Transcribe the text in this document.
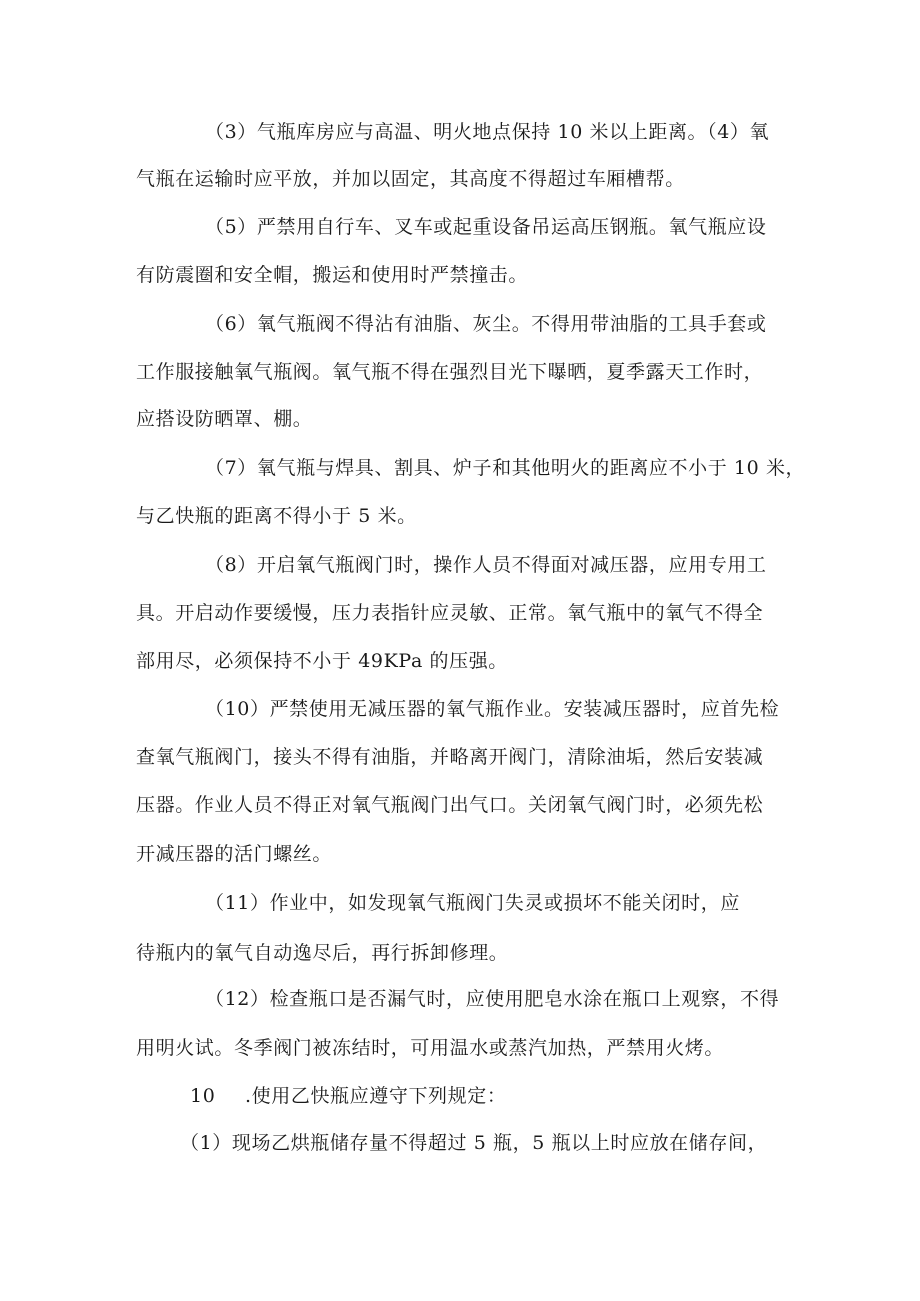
（3）气瓶库房应与高温、明火地点保持 10 米以上距离。（4）氧
气瓶在运输时应平放，并加以固定，其高度不得超过车厢槽帮。
（5）严禁用自行车、叉车或起重设备吊运高压钢瓶。氧气瓶应设
有防震圈和安全帽，搬运和使用时严禁撞击。
（6）氧气瓶阀不得沾有油脂、灰尘。不得用带油脂的工具手套或
工作服接触氧气瓶阀。氧气瓶不得在强烈目光下曝晒，夏季露天工作时，
应搭设防晒罩、棚。
（7）氧气瓶与焊具、割具、炉子和其他明火的距离应不小于 10 米，
与乙快瓶的距离不得小于 5 米。
（8）开启氧气瓶阀门时，操作人员不得面对减压器，应用专用工
具。开启动作要缓慢，压力表指针应灵敏、正常。氧气瓶中的氧气不得全
部用尽，必须保持不小于 49KPa 的压强。
（10）严禁使用无减压器的氧气瓶作业。安装减压器时，应首先检
查氧气瓶阀门，接头不得有油脂，并略离开阀门，清除油垢，然后安装减
压器。作业人员不得正对氧气瓶阀门出气口。关闭氧气阀门时，必须先松
开减压器的活门螺丝。
（11）作业中，如发现氧气瓶阀门失灵或损坏不能关闭时，应
待瓶内的氧气自动逸尽后，再行拆卸修理。
（12）检查瓶口是否漏气时，应使用肥皂水涂在瓶口上观察，不得
用明火试。冬季阀门被冻结时，可用温水或蒸汽加热，严禁用火烤。
10 .使用乙快瓶应遵守下列规定：
（1）现场乙烘瓶储存量不得超过 5 瓶，5 瓶以上时应放在储存间，
